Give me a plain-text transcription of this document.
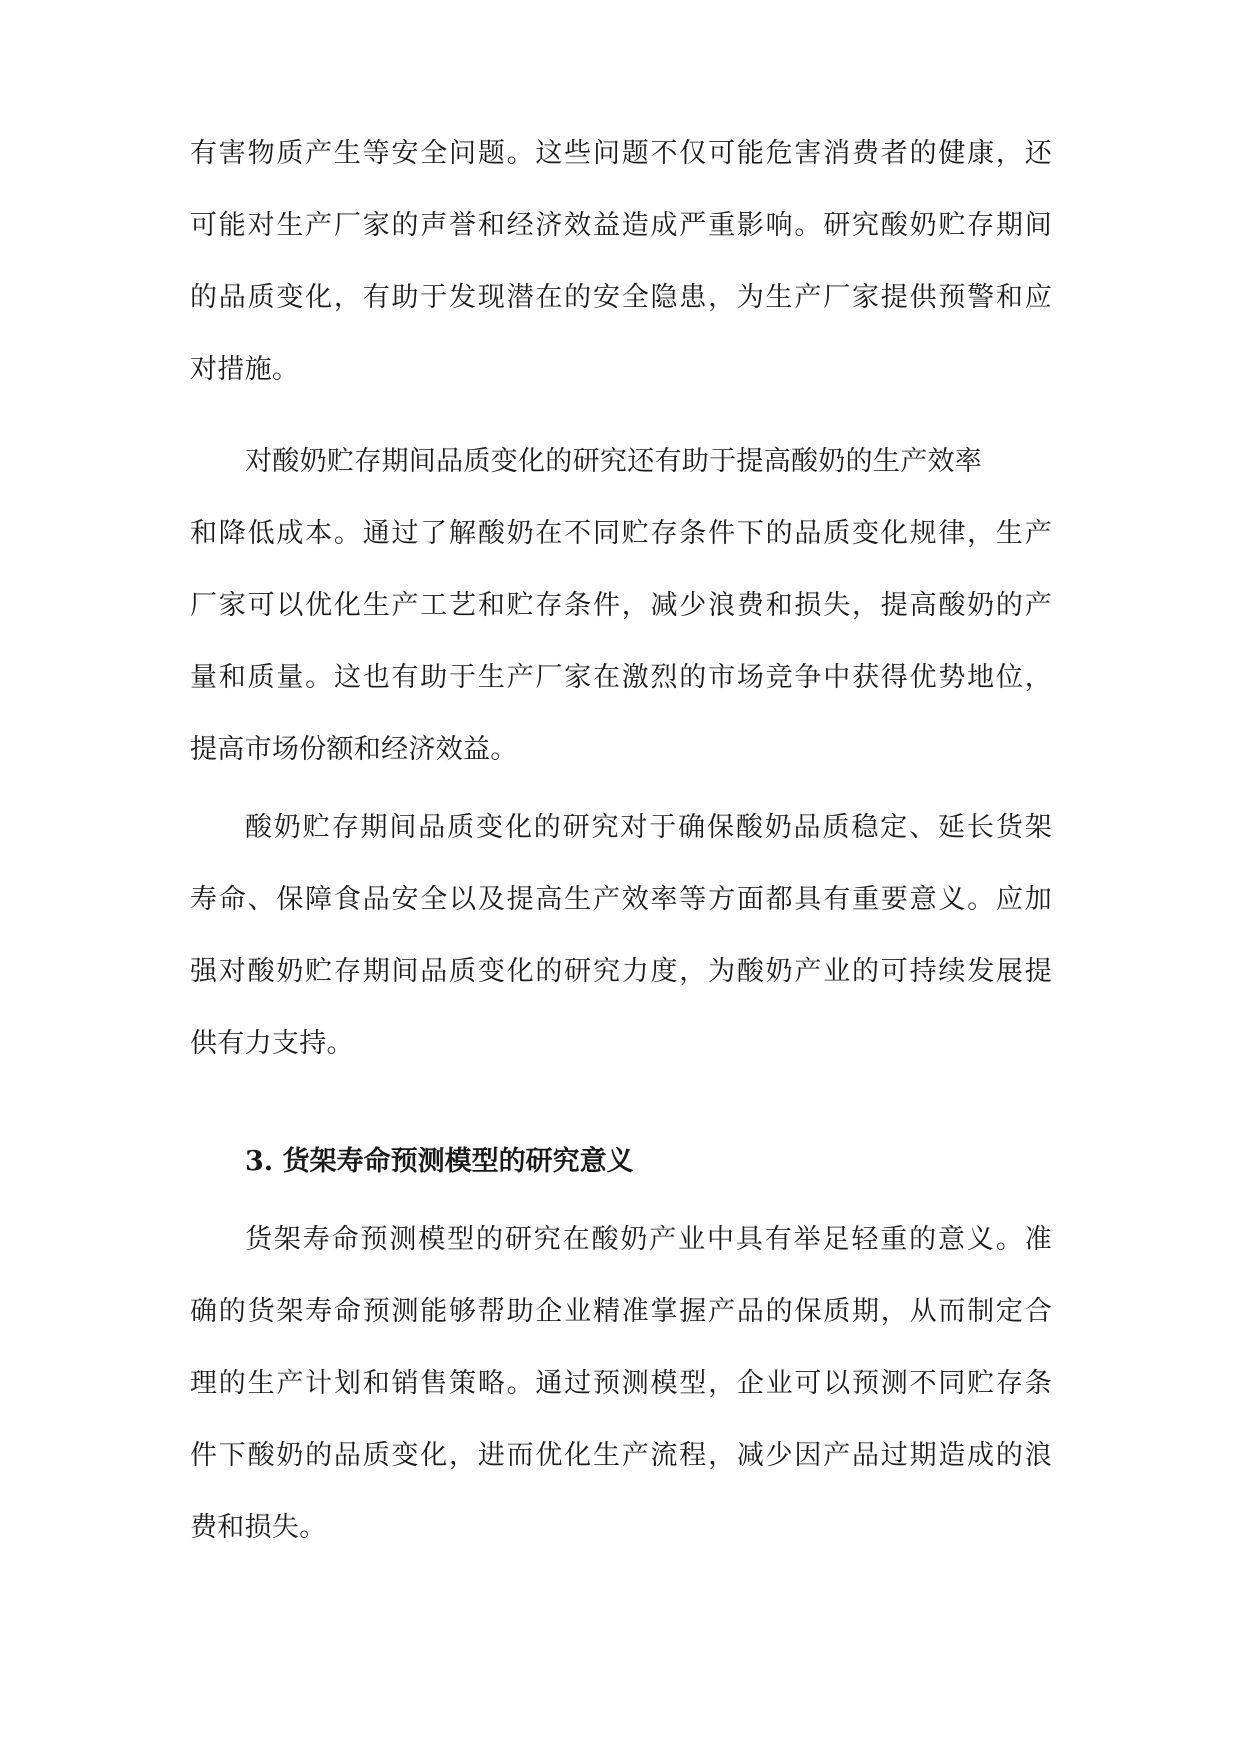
有害物质产生等安全问题。这些问题不仅可能危害消费者的健康，还
可能对生产厂家的声誉和经济效益造成严重影响。研究酸奶贮存期间
的品质变化，有助于发现潜在的安全隐患，为生产厂家提供预警和应
对措施。
对酸奶贮存期间品质变化的研究还有助于提高酸奶的生产效率
和降低成本。通过了解酸奶在不同贮存条件下的品质变化规律，生产
厂家可以优化生产工艺和贮存条件，减少浪费和损失，提高酸奶的产
量和质量。这也有助于生产厂家在激烈的市场竞争中获得优势地位，
提高市场份额和经济效益。
酸奶贮存期间品质变化的研究对于确保酸奶品质稳定、延长货架
寿命、保障食品安全以及提高生产效率等方面都具有重要意义。应加
强对酸奶贮存期间品质变化的研究力度，为酸奶产业的可持续发展提
供有力支持。
3. 货架寿命预测模型的研究意义
货架寿命预测模型的研究在酸奶产业中具有举足轻重的意义。准
确的货架寿命预测能够帮助企业精准掌握产品的保质期，从而制定合
理的生产计划和销售策略。通过预测模型，企业可以预测不同贮存条
件下酸奶的品质变化，进而优化生产流程，减少因产品过期造成的浪
费和损失。
